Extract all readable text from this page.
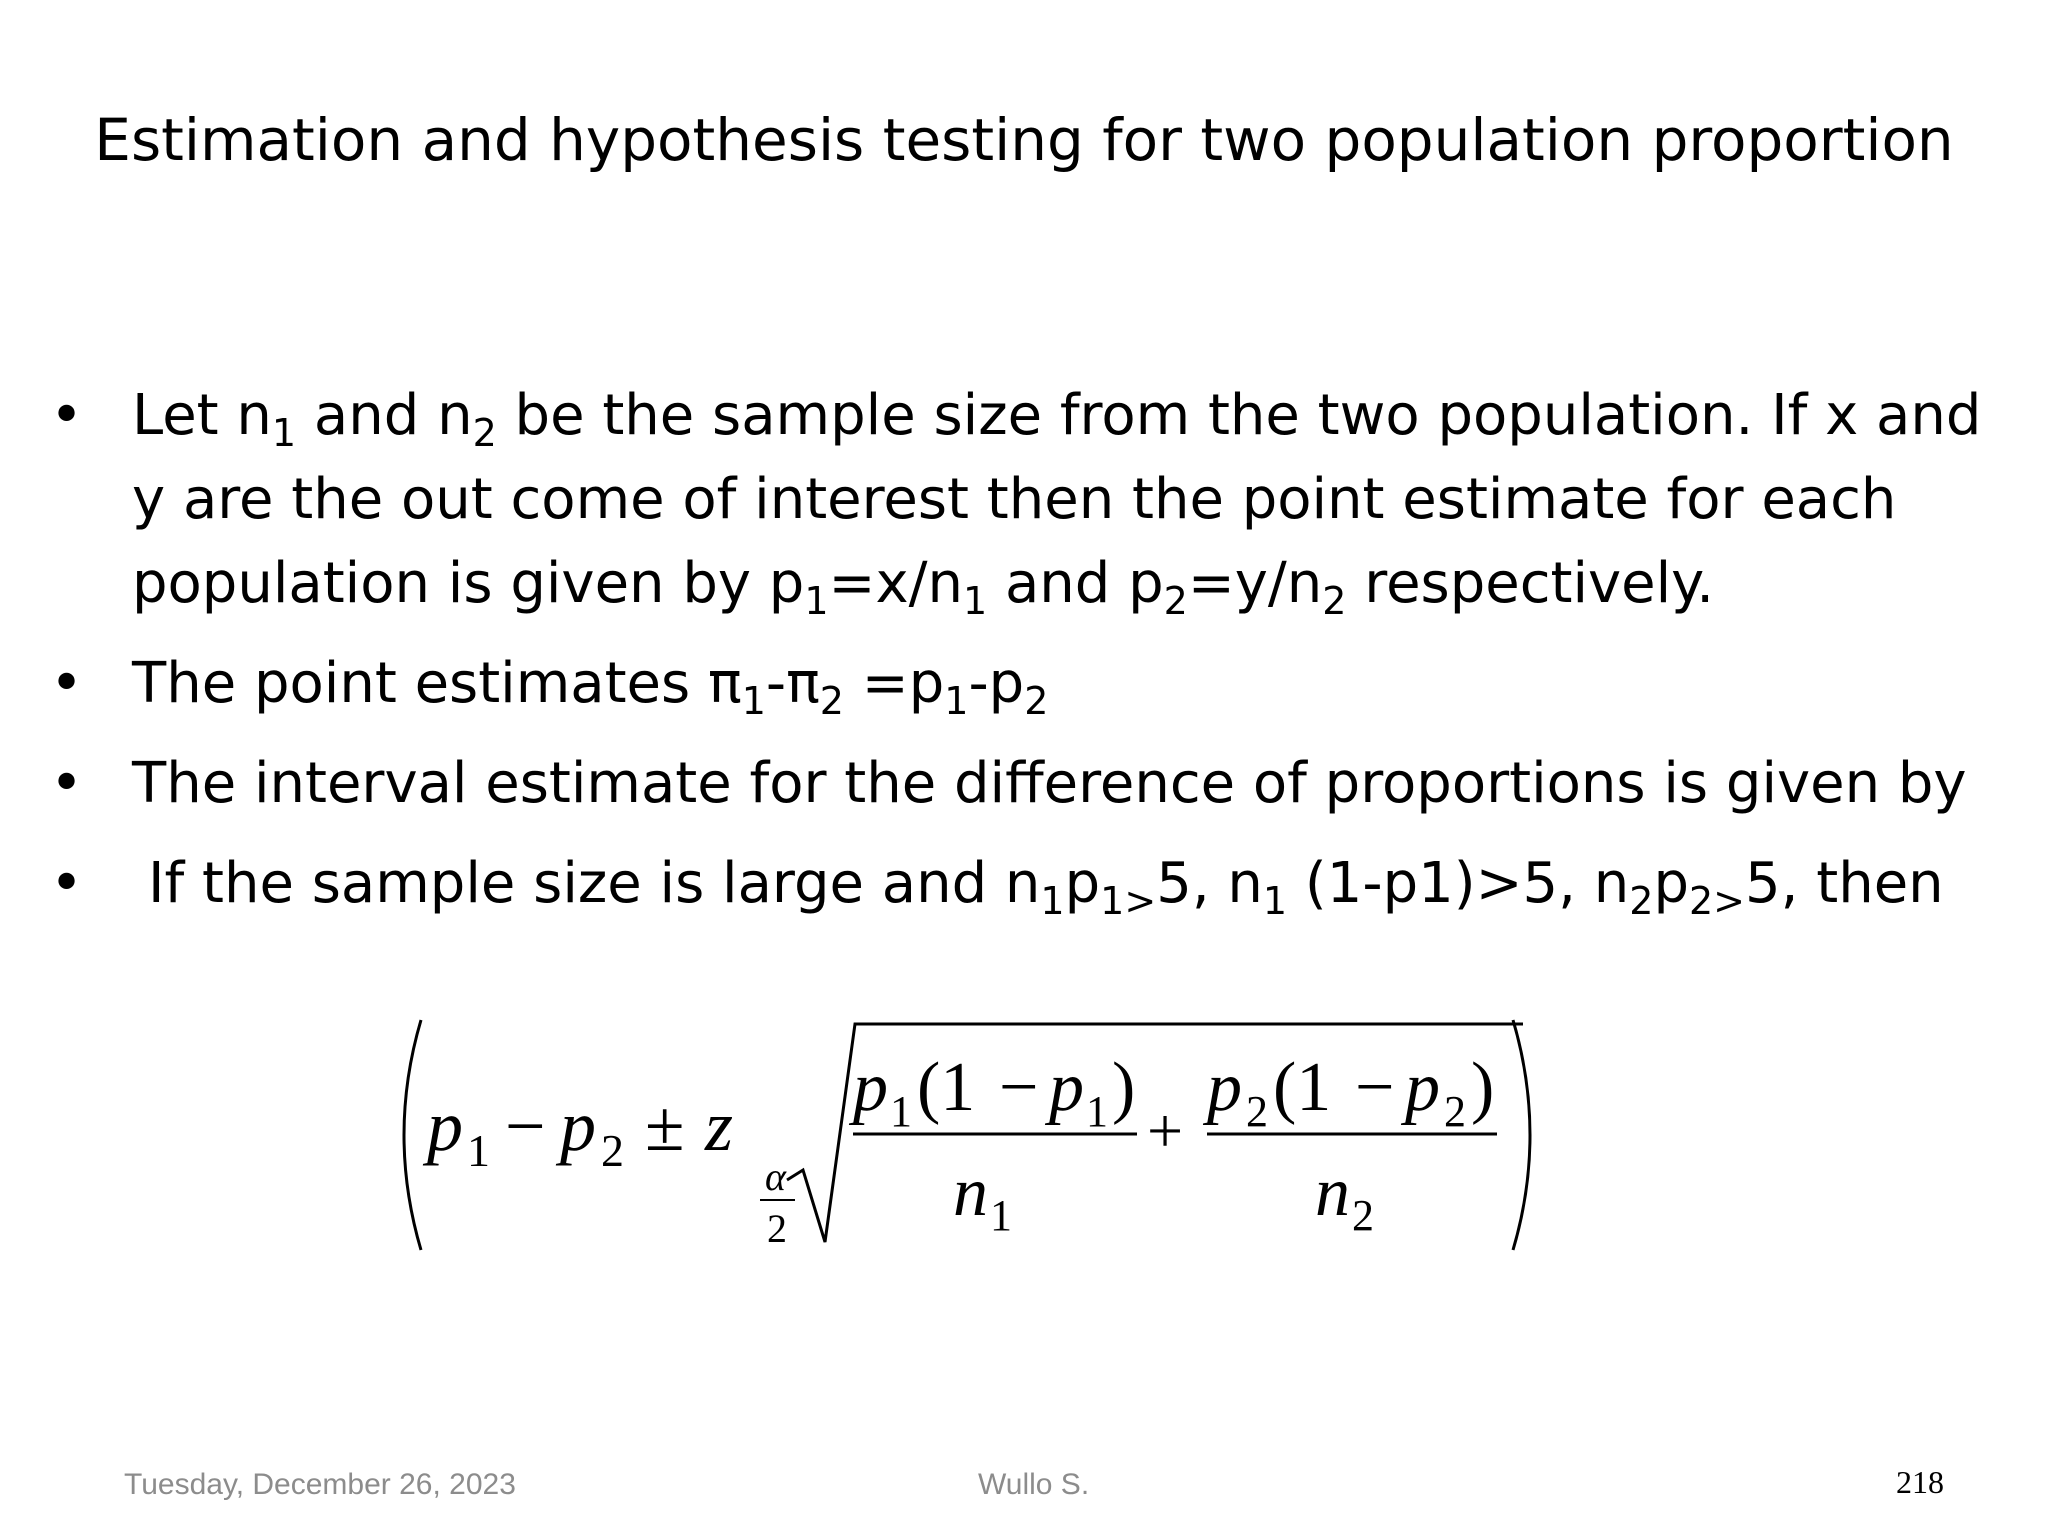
Estimation and hypothesis testing for two population proportion
• Let $n_1$ and $n_2$ be the sample size from the two population. If x and y are the out come of interest then the point estimate for each population is given by $p_1=x/n_1$ and $p_2=y/n_2$ respectively.
• The point estimates $\pi_1-\pi_2 =p_1-p_2$
• The interval estimate for the difference of proportions is given by
• If the sample size is large and $n_1p_{1>}5$, $n_1$ (1-p1)>5, $n_2p_{2>}5$, then
p 1 − p 2 ± z
α
2
p 1 (1 − p 1 )
n 1
+
p 2 (1 − p 2 )
n 2
Tuesday, December 26, 2023	Wullo S.	218
